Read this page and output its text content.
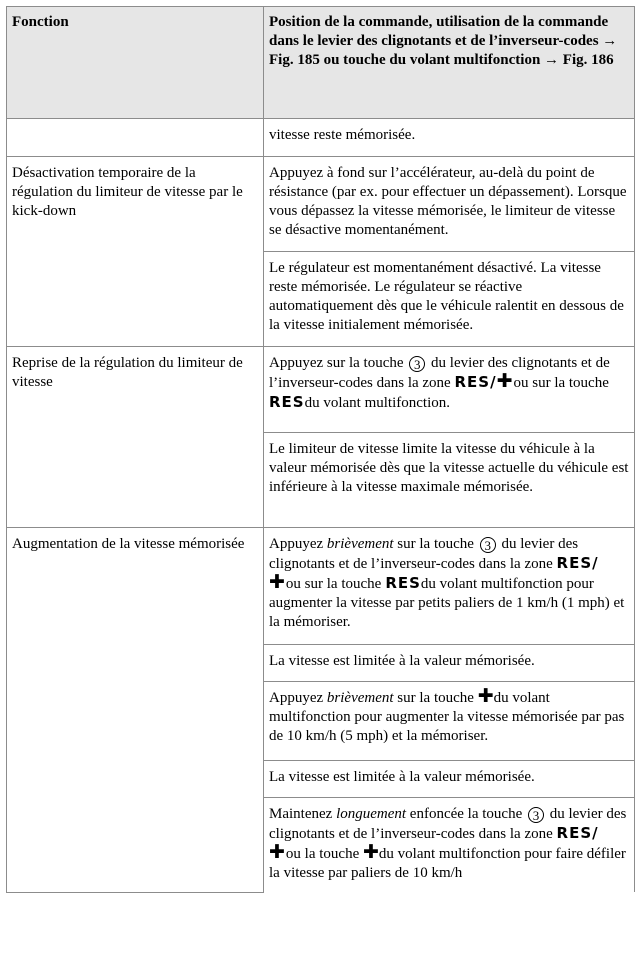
Fonction	Position de la commande, utilisation de la commande dans le levier des clignotants et de l’inverseur-codes → Fig. 185 ou touche du volant multifonction → Fig. 186
	vitesse reste mémorisée.
Désactivation temporaire de la régulation du limiteur de vitesse par le kick-down	Appuyez à fond sur l’accélérateur, au-delà du point de résistance (par ex. pour effectuer un dépassement). Lorsque vous dépassez la vitesse mémorisée, le limiteur de vitesse se désactive momentanément.
	Le régulateur est momentanément désactivé. La vitesse reste mémorisée. Le régulateur se réactive automatiquement dès que le véhicule ralentit en dessous de la vitesse initialement mémorisée.
Reprise de la régulation du limiteur de vitesse	Appuyez sur la touche 3 du levier des clignotants et de l’inverseur-codes dans la zone RES/✚ou sur la toucheRESdu volant multifonction.
	Le limiteur de vitesse limite la vitesse du véhicule à la valeur mémorisée dès que la vitesse actuelle du véhicule est inférieure à la vitesse maximale mémorisée.
Augmentation de la vitesse mémorisée	Appuyez brièvement sur la touche 3 du levier des clignotants et de l’inverseur-codes dans la zone RES/✚ou sur la touche RESdu volant multifonction pour augmenter la vitesse par petits paliers de 1 km/h (1 mph) et la mémoriser.
	La vitesse est limitée à la valeur mémorisée.
	Appuyez brièvement sur la touche ✚du volant multifonction pour augmenter la vitesse mémorisée par pas de 10 km/h (5 mph) et la mémoriser.
	La vitesse est limitée à la valeur mémorisée.
	Maintenez longuement enfoncée la touche 3 du levier des clignotants et de l’inverseur-codes dans la zone RES/✚ou la touche ✚du volant multifonction pour faire défiler la vitesse par paliers de 10 km/h
